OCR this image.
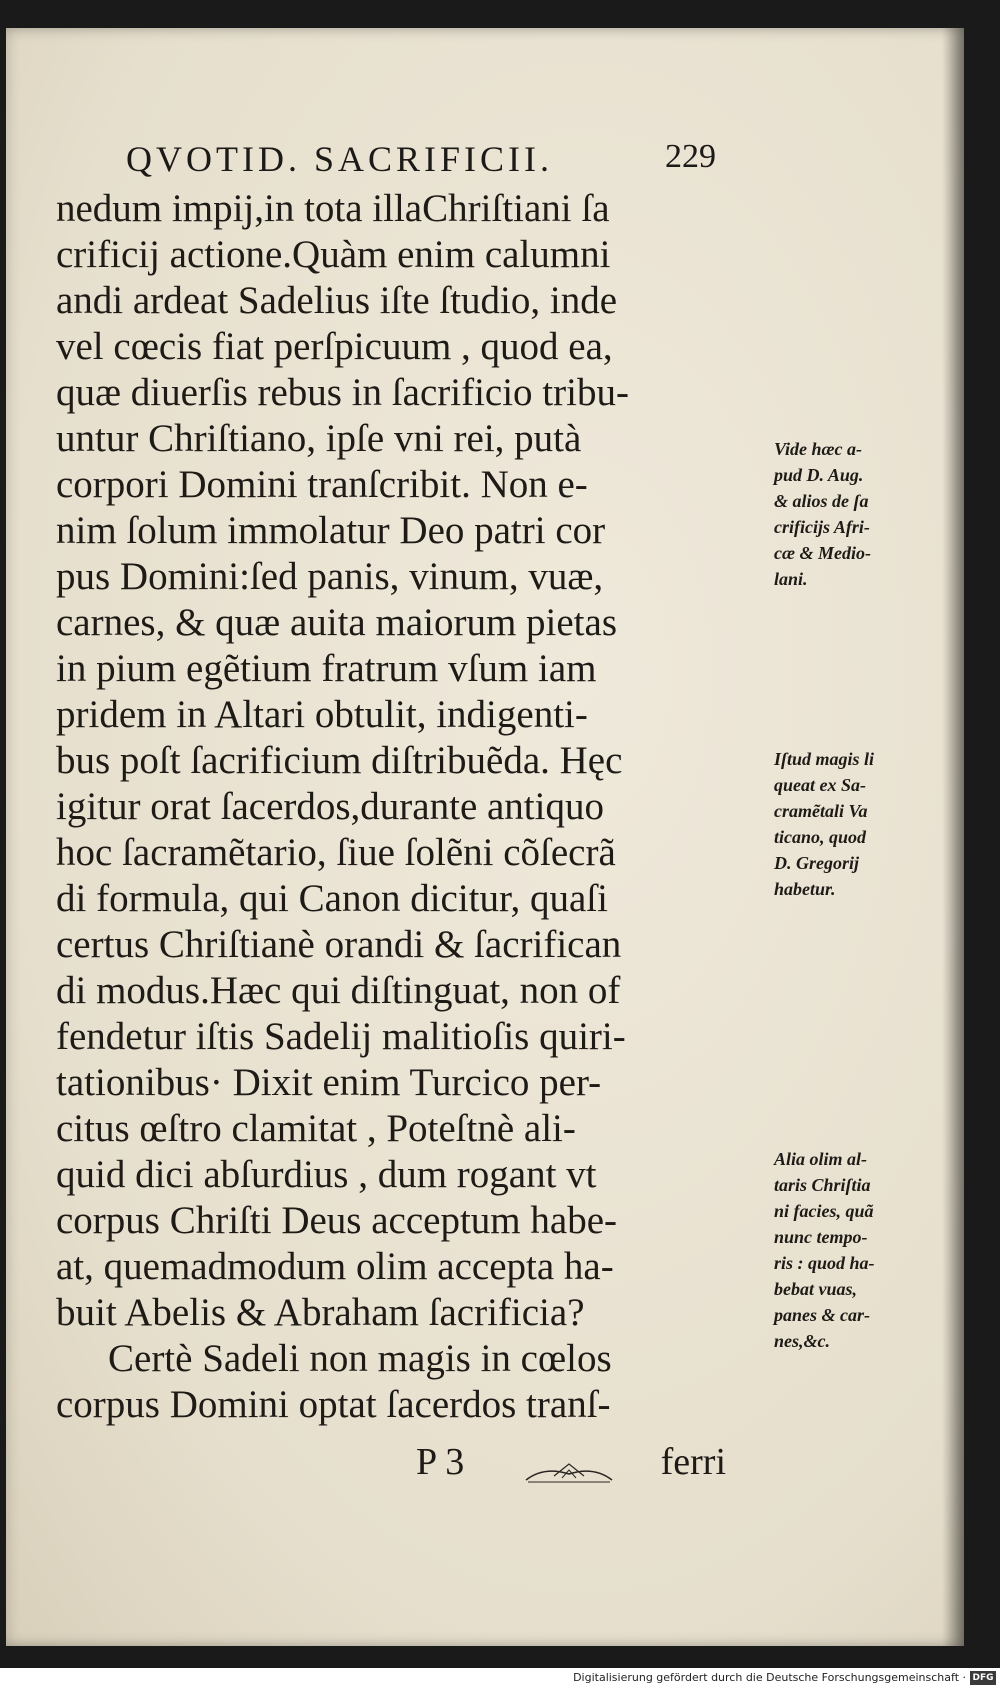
QVOTID. SACRIFICII.	229
nedum impij,in tota illaChriſtiani ſa
crificij actione.Quàm enim calumni
andi ardeat Sadelius iſte ſtudio, inde
vel cœcis fiat perſpicuum , quod ea,
quæ diuerſis rebus in ſacrificio tribu-
untur Chriſtiano, ipſe vni rei, putà
corpori Domini tranſcribit. Non e-
nim ſolum immolatur Deo patri cor
pus Domini:ſed panis, vinum, vuæ,
carnes, & quæ auita maiorum pietas
in pium egẽtium fratrum vſum iam
pridem in Altari obtulit, indigenti-
bus poſt ſacrificium diſtribuẽda. Hęc
igitur orat ſacerdos,durante antiquo
hoc ſacramẽtario, ſiue ſolẽni cõſecrã
di formula, qui Canon dicitur, quaſi
certus Chriſtianè orandi & ſacrifican
di modus.Hæc qui diſtinguat, non of
fendetur iſtis Sadelij malitioſis quiri-
tationibus· Dixit enim Turcico per-
citus œſtro clamitat , Poteſtnè ali-
quid dici abſurdius , dum rogant vt
corpus Chriſti Deus acceptum habe-
at, quemadmodum olim accepta ha-
buit Abelis & Abraham ſacrificia?
Certè Sadeli non magis in cœlos
corpus Domini optat ſacerdos tranſ-
Vide hæc a-
pud D. Aug.
& alios de ſa
crificijs Afri-
cæ & Medio-
lani.
Iſtud magis li
queat ex Sa-
cramẽtali Va
ticano, quod
D. Gregorij
habetur.
Alia olim al-
taris Chriſtia
ni facies, quã
nunc tempo-
ris : quod ha-
bebat vuas,
panes & car-
nes,&c.
P 3	ferri
Digitalisierung gefördert durch die Deutsche Forschungsgemeinschaft · DFG
